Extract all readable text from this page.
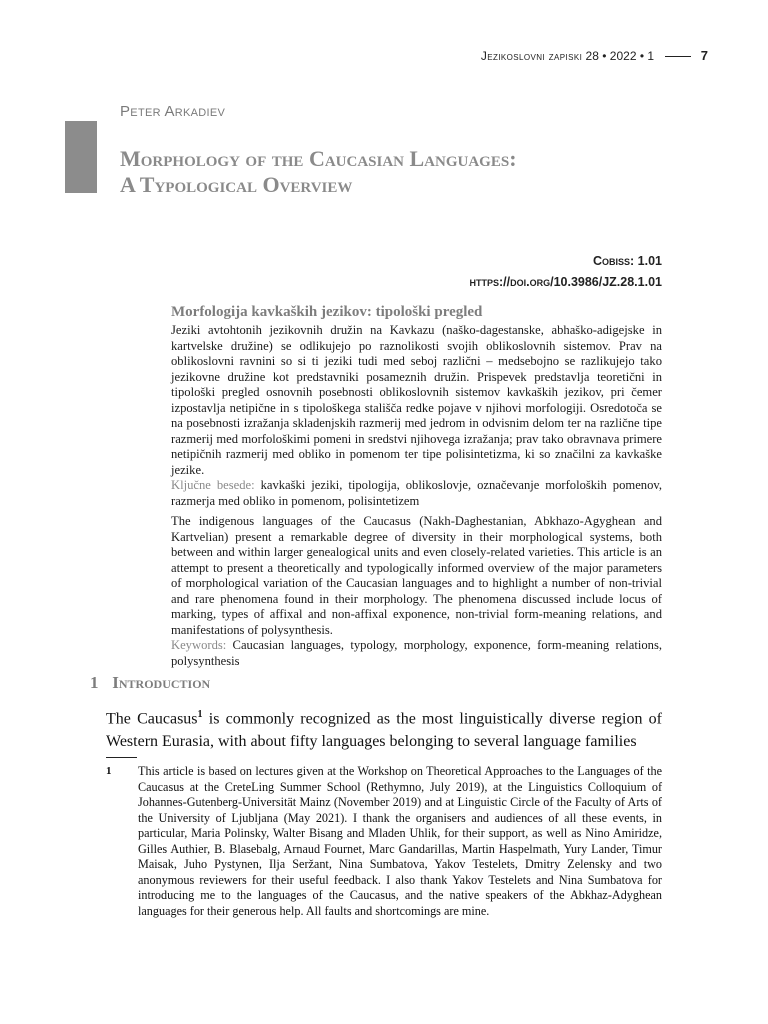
Jezikoslovni zapiski 28 • 2022 • 1	7
Peter Arkadiev
Morphology of the Caucasian Languages:
A Typological Overview
Cobiss: 1.01
https://doi.org/10.3986/JZ.28.1.01
Morfologija kavkaških jezikov: tipološki pregled

Jeziki avtohtonih jezikovnih družin na Kavkazu (naško-dagestanske, abhaško-adigejske in kartvelske družine) se odlikujejo po raznolikosti svojih oblikoslovnih sistemov. Prav na oblikoslovni ravnini so si ti jeziki tudi med seboj različni – medsebojno se razlikujejo tako jezikovne družine kot predstavniki posameznih družin. Prispevek predstavlja teoretični in tipološki pregled osnovnih posebnosti oblikoslovnih sistemov kavkaških jezikov, pri čemer izpostavlja netipične in s tipološkega stališča redke pojave v njihovi morfologiji. Osredotoča se na posebnosti izražanja skladenjskih razmerij med jedrom in odvisnim delom ter na različne tipe razmerij med morfološkimi pomeni in sredstvi njihovega izražanja; prav tako obravnava primere netipičnih razmerij med obliko in pomenom ter tipe polisintetizma, ki so značilni za kavkaške jezike.

Ključne besede: kavkaški jeziki, tipologija, oblikoslovje, označevanje morfoloških pomenov, razmerja med obliko in pomenom, polisintetizem

The indigenous languages of the Caucasus (Nakh-Daghestanian, Abkhazo-Agyghean and Kartvelian) present a remarkable degree of diversity in their morphological systems, both between and within larger genealogical units and even closely-related varieties. This article is an attempt to present a theoretically and typologically informed overview of the major parameters of morphological variation of the Caucasian languages and to highlight a number of non-trivial and rare phenomena found in their morphology. The phenomena discussed include locus of marking, types of affixal and non-affixal exponence, non-trivial form-meaning relations, and manifestations of polysynthesis.

Keywords: Caucasian languages, typology, morphology, exponence, form-meaning relations, polysynthesis

1 Introduction

The Caucasus$^1$ is commonly recognized as the most linguistically diverse region of Western Eurasia, with about fifty languages belonging to several language families

1 This article is based on lectures given at the Workshop on Theoretical Approaches to the Languages of the Caucasus at the CreteLing Summer School (Rethymno, July 2019), at the Linguistics Colloquium of Johannes-Gutenberg-Universität Mainz (November 2019) and at Linguistic Circle of the Faculty of Arts of the University of Ljubljana (May 2021). I thank the organisers and audiences of all these events, in particular, Maria Polinsky, Walter Bisang and Mladen Uhlik, for their support, as well as Nino Amiridze, Gilles Authier, B. Blasebalg, Arnaud Fournet, Marc Gandarillas, Martin Haspelmath, Yury Lander, Timur Maisak, Juho Pystynen, Ilja Seržant, Nina Sumbatova, Yakov Testelets, Dmitry Zelensky and two anonymous reviewers for their useful feedback. I also thank Yakov Testelets and Nina Sumbatova for introducing me to the languages of the Caucasus, and the native speakers of the Abkhaz-Adyghean languages for their generous help. All faults and shortcomings are mine.
